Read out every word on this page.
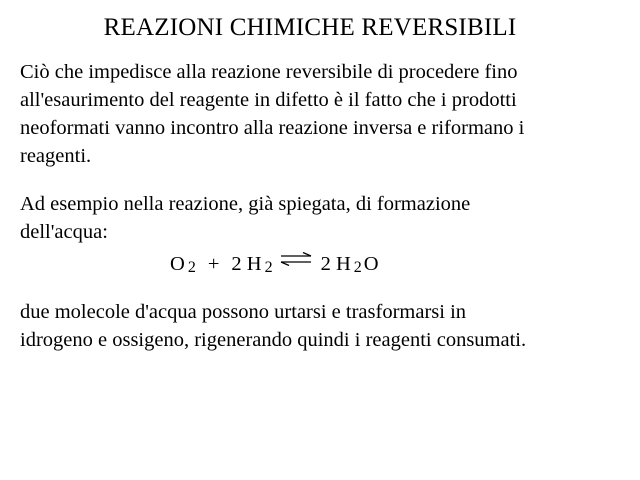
REAZIONI CHIMICHE REVERSIBILI

Ciò che impedisce alla reazione reversibile di procedere fino
all'esaurimento del reagente in difetto è il fatto che i prodotti
neoformati vanno incontro alla reazione inversa e riformano i
reagenti.

Ad esempio nella reazione, già spiegata, di formazione
dell'acqua:

O 2 + 2 H 2 ⇌ 2 H 2 O

due molecole d'acqua possono urtarsi e trasformarsi in
idrogeno e ossigeno, rigenerando quindi i reagenti consumati.
